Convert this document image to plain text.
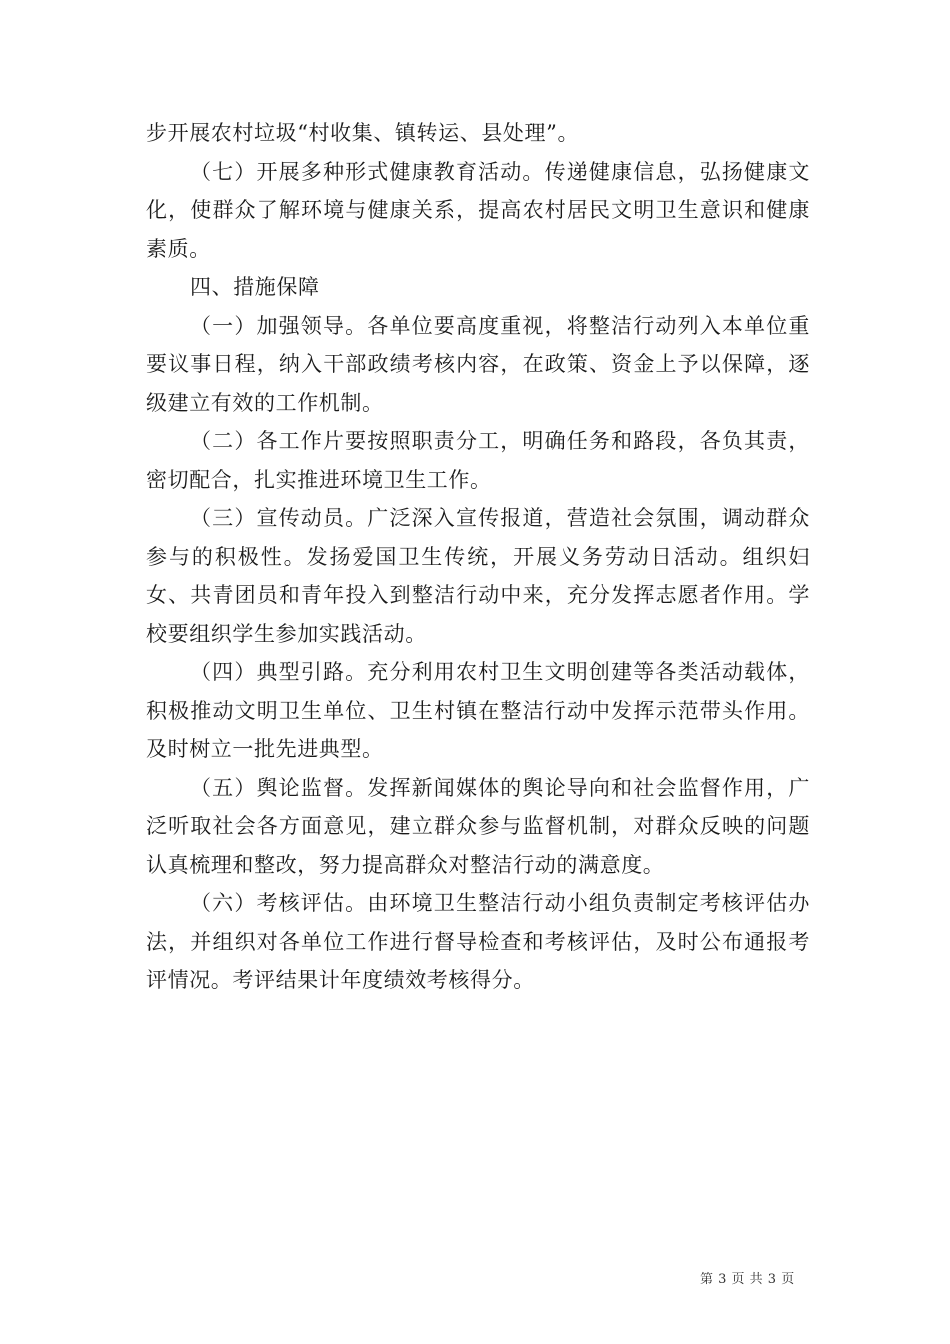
步开展农村垃圾“村收集、镇转运、县处理”。

（七）开展多种形式健康教育活动。传递健康信息，弘扬健康文化，使群众了解环境与健康关系，提高农村居民文明卫生意识和健康素质。

四、措施保障

（一）加强领导。各单位要高度重视，将整洁行动列入本单位重要议事日程，纳入干部政绩考核内容，在政策、资金上予以保障，逐级建立有效的工作机制。

（二）各工作片要按照职责分工，明确任务和路段，各负其责，密切配合，扎实推进环境卫生工作。

（三）宣传动员。广泛深入宣传报道，营造社会氛围，调动群众参与的积极性。发扬爱国卫生传统，开展义务劳动日活动。组织妇女、共青团员和青年投入到整洁行动中来，充分发挥志愿者作用。学校要组织学生参加实践活动。

（四）典型引路。充分利用农村卫生文明创建等各类活动载体，积极推动文明卫生单位、卫生村镇在整洁行动中发挥示范带头作用。及时树立一批先进典型。

（五）舆论监督。发挥新闻媒体的舆论导向和社会监督作用，广泛听取社会各方面意见，建立群众参与监督机制，对群众反映的问题认真梳理和整改，努力提高群众对整洁行动的满意度。

（六）考核评估。由环境卫生整洁行动小组负责制定考核评估办法，并组织对各单位工作进行督导检查和考核评估，及时公布通报考评情况。考评结果计年度绩效考核得分。

第 3 页 共 3 页
